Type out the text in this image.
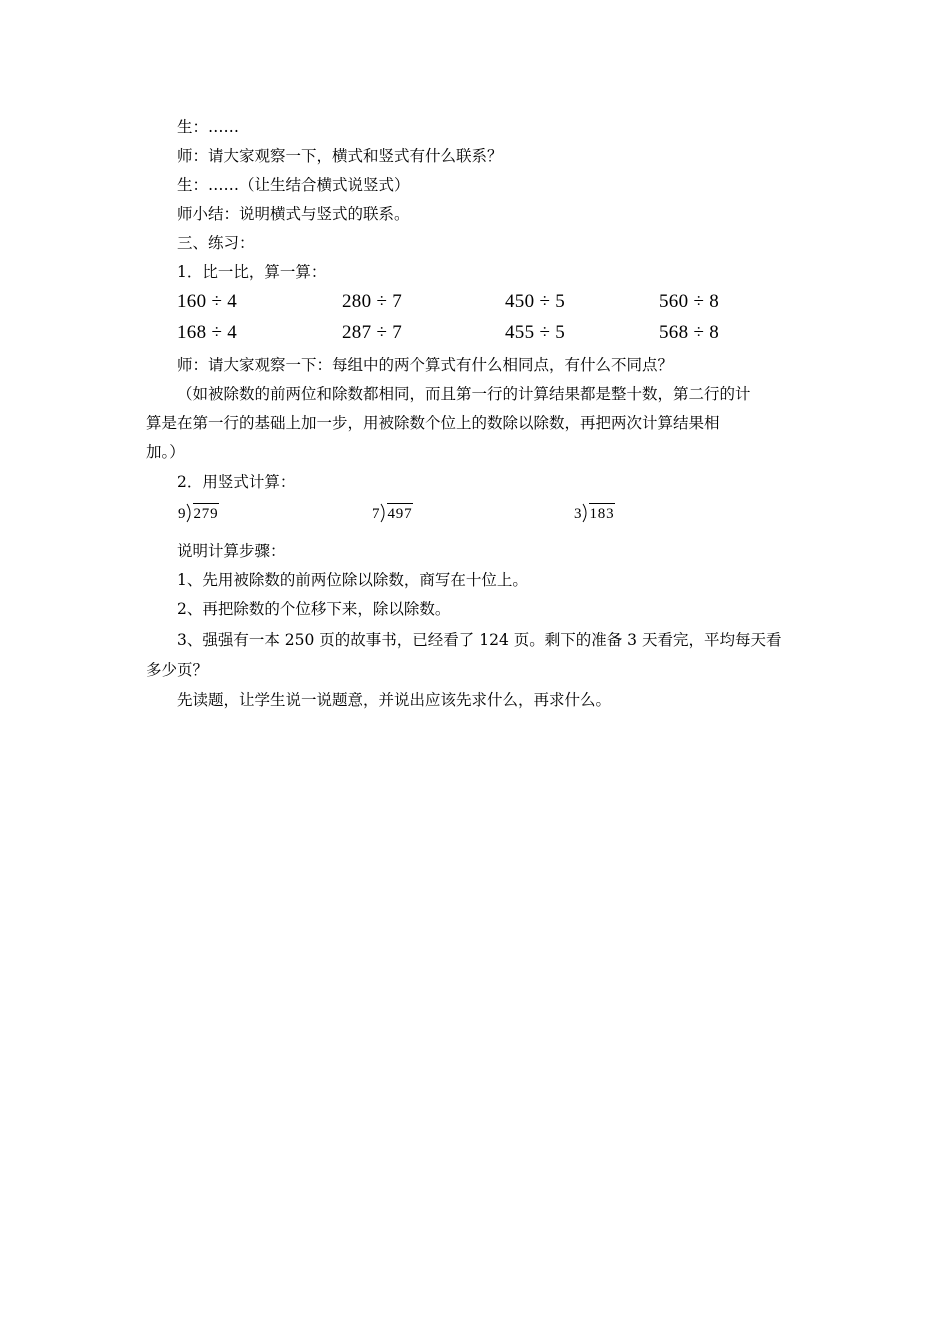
生：……
师：请大家观察一下，横式和竖式有什么联系？
生：……（让生结合横式说竖式）
师小结：说明横式与竖式的联系。
三、练习：
1．比一比，算一算：
160 ÷ 4	280 ÷ 7	450 ÷ 5	560 ÷ 8
168 ÷ 4	287 ÷ 7	455 ÷ 5	568 ÷ 8
师：请大家观察一下：每组中的两个算式有什么相同点，有什么不同点？
（如被除数的前两位和除数都相同，而且第一行的计算结果都是整十数，第二行的计
算是在第一行的基础上加一步，用被除数个位上的数除以除数，再把两次计算结果相
加。）
2．用竖式计算：
9 279	7 497	3 183
说明计算步骤：
1、先用被除数的前两位除以除数，商写在十位上。
2、再把除数的个位移下来，除以除数。
3、强强有一本 250 页的故事书，已经看了 124 页。剩下的准备 3 天看完，平均每天看
多少页？
先读题，让学生说一说题意，并说出应该先求什么，再求什么。
